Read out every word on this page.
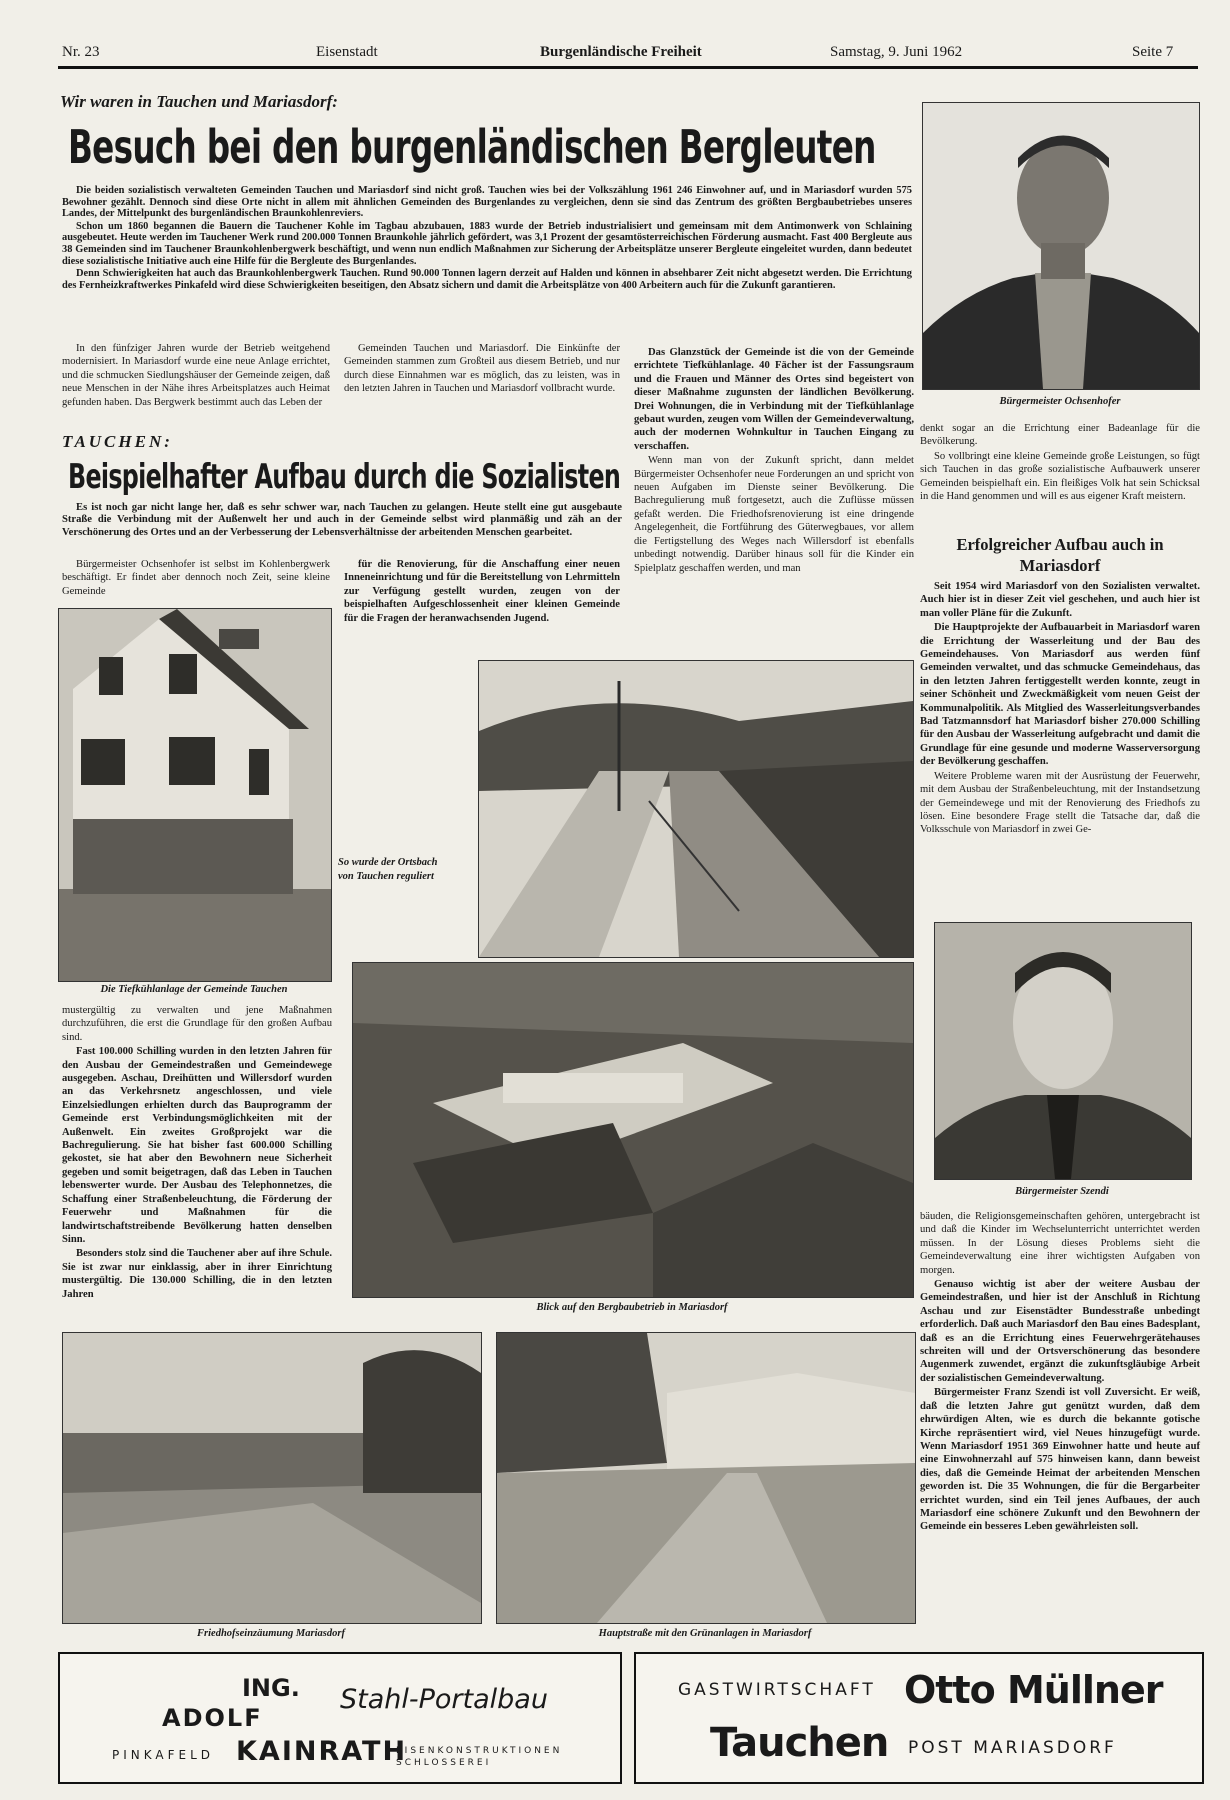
Nr. 23	Eisenstadt	Burgenländische Freiheit	Samstag, 9. Juni 1962	Seite 7
Wir waren in Tauchen und Mariasdorf:
Besuch bei den burgenländischen Bergleuten
Bürgermeister Ochsenhofer

Die beiden sozialistisch verwalteten Gemeinden Tauchen und Mariasdorf sind nicht groß. Tauchen wies bei der Volkszählung 1961 246 Einwohner auf, und in Mariasdorf wurden 575 Bewohner gezählt. Dennoch sind diese Orte nicht in allem mit ähnlichen Gemeinden des Burgenlandes zu vergleichen, denn sie sind das Zentrum des größten Bergbaubetriebes unseres Landes, der Mittelpunkt des burgenländischen Braunkohlenreviers.

Schon um 1860 begannen die Bauern die Tauchener Kohle im Tagbau abzubauen, 1883 wurde der Betrieb industrialisiert und gemeinsam mit dem Antimonwerk von Schlaining ausgebeutet. Heute werden im Tauchener Werk rund 200.000 Tonnen Braunkohle jährlich gefördert, was 3,1 Prozent der gesamtösterreichischen Förderung ausmacht. Fast 400 Bergleute aus 38 Gemeinden sind im Tauchener Braunkohlenbergwerk beschäftigt, und wenn nun endlich Maßnahmen zur Sicherung der Arbeitsplätze unserer Bergleute eingeleitet wurden, dann bedeutet diese sozialistische Initiative auch eine Hilfe für die Bergleute des Burgenlandes.

Denn Schwierigkeiten hat auch das Braunkohlenbergwerk Tauchen. Rund 90.000 Tonnen lagern derzeit auf Halden und können in absehbarer Zeit nicht abgesetzt werden. Die Errichtung des Fernheizkraftwerkes Pinkafeld wird diese Schwierigkeiten beseitigen, den Absatz sichern und damit die Arbeitsplätze von 400 Arbeitern auch für die Zukunft garantieren.

In den fünfziger Jahren wurde der Betrieb weitgehend modernisiert. In Mariasdorf wurde eine neue Anlage errichtet, und die schmucken Siedlungshäuser der Gemeinde zeigen, daß neue Menschen in der Nähe ihres Arbeitsplatzes auch Heimat gefunden haben. Das Bergwerk bestimmt auch das Leben der

Gemeinden Tauchen und Mariasdorf. Die Einkünfte der Gemeinden stammen zum Großteil aus diesem Betrieb, und nur durch diese Einnahmen war es möglich, das zu leisten, was in den letzten Jahren in Tauchen und Mariasdorf vollbracht wurde.

TAUCHEN:
Beispielhafter Aufbau durch die Sozialisten

Es ist noch gar nicht lange her, daß es sehr schwer war, nach Tauchen zu gelangen. Heute stellt eine gut ausgebaute Straße die Verbindung mit der Außenwelt her und auch in der Gemeinde selbst wird planmäßig und zäh an der Verschönerung des Ortes und an der Verbesserung der Lebensverhältnisse der arbeitenden Menschen gearbeitet.

Bürgermeister Ochsenhofer ist selbst im Kohlenbergwerk beschäftigt. Er findet aber dennoch noch Zeit, seine kleine Gemeinde

für die Renovierung, für die Anschaffung einer neuen Inneneinrichtung und für die Bereitstellung von Lehrmitteln zur Verfügung gestellt wurden, zeugen von der beispielhaften Aufgeschlossenheit einer kleinen Gemeinde für die Fragen der heranwachsenden Jugend.

Das Glanzstück der Gemeinde ist die von der Gemeinde errichtete Tiefkühlanlage. 40 Fächer ist der Fassungsraum und die Frauen und Männer des Ortes sind begeistert von dieser Maßnahme zugunsten der ländlichen Bevölkerung. Drei Wohnungen, die in Verbindung mit der Tiefkühlanlage gebaut wurden, zeugen vom Willen der Gemeindeverwaltung, auch der modernen Wohnkultur in Tauchen Eingang zu verschaffen.

Wenn man von der Zukunft spricht, dann meldet Bürgermeister Ochsenhofer neue Forderungen an und spricht von neuen Aufgaben im Dienste seiner Bevölkerung. Die Bachregulierung muß fortgesetzt, auch die Zuflüsse müssen gefaßt werden. Die Friedhofsrenovierung ist eine dringende Angelegenheit, die Fortführung des Güterwegbaues, vor allem die Fertigstellung des Weges nach Willersdorf ist ebenfalls unbedingt notwendig. Darüber hinaus soll für die Kinder ein Spielplatz geschaffen werden, und man

denkt sogar an die Errichtung einer Badeanlage für die Bevölkerung.

So vollbringt eine kleine Gemeinde große Leistungen, so fügt sich Tauchen in das große sozialistische Aufbauwerk unserer Gemeinden beispielhaft ein. Ein fleißiges Volk hat sein Schicksal in die Hand genommen und will es aus eigener Kraft meistern.

Erfolgreicher Aufbau auch in Mariasdorf

Seit 1954 wird Mariasdorf von den Sozialisten verwaltet. Auch hier ist in dieser Zeit viel geschehen, und auch hier ist man voller Pläne für die Zukunft.

Die Hauptprojekte der Aufbauarbeit in Mariasdorf waren die Errichtung der Wasserleitung und der Bau des Gemeindehauses. Von Mariasdorf aus werden fünf Gemeinden verwaltet, und das schmucke Gemeindehaus, das in den letzten Jahren fertiggestellt werden konnte, zeugt in seiner Schönheit und Zweckmäßigkeit vom neuen Geist der Kommunalpolitik. Als Mitglied des Wasserleitungsverbandes Bad Tatzmannsdorf hat Mariasdorf bisher 270.000 Schilling für den Ausbau der Wasserleitung aufgebracht und damit die Grundlage für eine gesunde und moderne Wasserversorgung der Bevölkerung geschaffen.

Weitere Probleme waren mit der Ausrüstung der Feuerwehr, mit dem Ausbau der Straßenbeleuchtung, mit der Instandsetzung der Gemeindewege und mit der Renovierung des Friedhofs zu lösen. Eine besondere Frage stellt die Tatsache dar, daß die Volksschule von Mariasdorf in zwei Ge-

Die Tiefkühlanlage der Gemeinde Tauchen
So wurde der Ortsbach von Tauchen reguliert
Blick auf den Bergbaubetrieb in Mariasdorf

mustergültig zu verwalten und jene Maßnahmen durchzuführen, die erst die Grundlage für den großen Aufbau sind.

Fast 100.000 Schilling wurden in den letzten Jahren für den Ausbau der Gemeindestraßen und Gemeindewege ausgegeben. Aschau, Dreihütten und Willersdorf wurden an das Verkehrsnetz angeschlossen, und viele Einzelsiedlungen erhielten durch das Bauprogramm der Gemeinde erst Verbindungsmöglichkeiten mit der Außenwelt. Ein zweites Großprojekt war die Bachregulierung. Sie hat bisher fast 600.000 Schilling gekostet, sie hat aber den Bewohnern neue Sicherheit gegeben und somit beigetragen, daß das Leben in Tauchen lebenswerter wurde. Der Ausbau des Telephonnetzes, die Schaffung einer Straßenbeleuchtung, die Förderung der Feuerwehr und Maßnahmen für die landwirtschaftstreibende Bevölkerung hatten denselben Sinn.

Besonders stolz sind die Tauchener aber auf ihre Schule. Sie ist zwar nur einklassig, aber in ihrer Einrichtung mustergültig. Die 130.000 Schilling, die in den letzten Jahren

Bürgermeister Szendi

bäuden, die Religionsgemeinschaften gehören, untergebracht ist und daß die Kinder im Wechselunterricht unterrichtet werden müssen. In der Lösung dieses Problems sieht die Gemeindeverwaltung eine ihrer wichtigsten Aufgaben von morgen.

Genauso wichtig ist aber der weitere Ausbau der Gemeindestraßen, und hier ist der Anschluß in Richtung Aschau und zur Eisenstädter Bundesstraße unbedingt erforderlich. Daß auch Mariasdorf den Bau eines Badesplant, daß es an die Errichtung eines Feuerwehrgerätehauses schreiten will und der Ortsverschönerung das besondere Augenmerk zuwendet, ergänzt die zukunftsgläubige Arbeit der sozialistischen Gemeindeverwaltung.

Bürgermeister Franz Szendi ist voll Zuversicht. Er weiß, daß die letzten Jahre gut genützt wurden, daß dem ehrwürdigen Alten, wie es durch die bekannte gotische Kirche repräsentiert wird, viel Neues hinzugefügt wurde. Wenn Mariasdorf 1951 369 Einwohner hatte und heute auf eine Einwohnerzahl auf 575 hinweisen kann, dann beweist dies, daß die Gemeinde Heimat der arbeitenden Menschen geworden ist. Die 35 Wohnungen, die für die Bergarbeiter errichtet wurden, sind ein Teil jenes Aufbaues, der auch Mariasdorf eine schönere Zukunft und den Bewohnern der Gemeinde ein besseres Leben gewährleisten soll.

Friedhofseinzäumung Mariasdorf	Hauptstraße mit den Grünanlagen in Mariasdorf
ING.
ADOLF
Stahl-Portalbau
PINKAFELD KAINRATH
EISENKONSTRUKTIONEN SCHLOSSEREI
GASTWIRTSCHAFT Otto Müllner
Tauchen POST MARIASDORF
